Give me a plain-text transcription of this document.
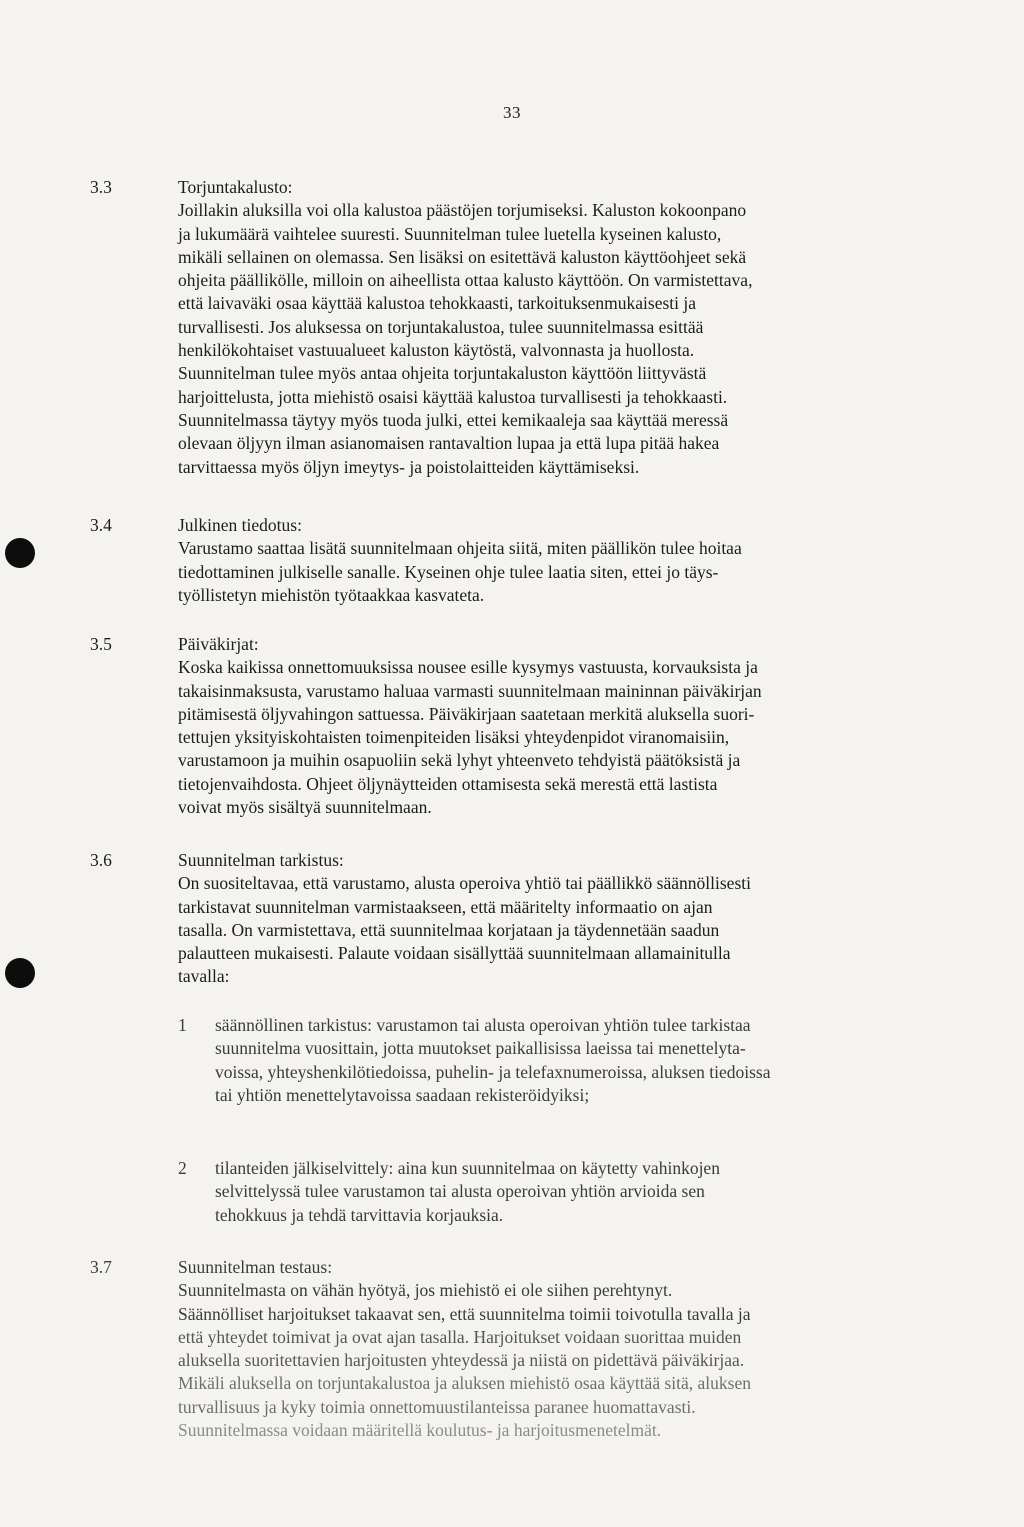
33
3.3	Torjuntakalusto:
Joillakin aluksilla voi olla kalustoa päästöjen torjumiseksi. Kaluston kokoonpano
ja lukumäärä vaihtelee suuresti. Suunnitelman tulee luetella kyseinen kalusto,
mikäli sellainen on olemassa. Sen lisäksi on esitettävä kaluston käyttöohjeet sekä
ohjeita päällikölle, milloin on aiheellista ottaa kalusto käyttöön. On varmistettava,
että laivaväki osaa käyttää kalustoa tehokkaasti, tarkoituksenmukaisesti ja
turvallisesti. Jos aluksessa on torjuntakalustoa, tulee suunnitelmassa esittää
henkilökohtaiset vastuualueet kaluston käytöstä, valvonnasta ja huollosta.
Suunnitelman tulee myös antaa ohjeita torjuntakaluston käyttöön liittyvästä
harjoittelusta, jotta miehistö osaisi käyttää kalustoa turvallisesti ja tehokkaasti.
Suunnitelmassa täytyy myös tuoda julki, ettei kemikaaleja saa käyttää meressä
olevaan öljyyn ilman asianomaisen rantavaltion lupaa ja että lupa pitää hakea
tarvittaessa myös öljyn imeytys- ja poistolaitteiden käyttämiseksi.
3.4	Julkinen tiedotus:
Varustamo saattaa lisätä suunnitelmaan ohjeita siitä, miten päällikön tulee hoitaa
tiedottaminen julkiselle sanalle. Kyseinen ohje tulee laatia siten, ettei jo täys-
työllistetyn miehistön työtaakkaa kasvateta.
3.5	Päiväkirjat:
Koska kaikissa onnettomuuksissa nousee esille kysymys vastuusta, korvauksista ja
takaisinmaksusta, varustamo haluaa varmasti suunnitelmaan maininnan päiväkirjan
pitämisestä öljyvahingon sattuessa. Päiväkirjaan saatetaan merkitä aluksella suori-
tettujen yksityiskohtaisten toimenpiteiden lisäksi yhteydenpidot viranomaisiin,
varustamoon ja muihin osapuoliin sekä lyhyt yhteenveto tehdyistä päätöksistä ja
tietojenvaihdosta. Ohjeet öljynäytteiden ottamisesta sekä merestä että lastista
voivat myös sisältyä suunnitelmaan.
3.6	Suunnitelman tarkistus:
On suositeltavaa, että varustamo, alusta operoiva yhtiö tai päällikkö säännöllisesti
tarkistavat suunnitelman varmistaakseen, että määritelty informaatio on ajan
tasalla. On varmistettava, että suunnitelmaa korjataan ja täydennetään saadun
palautteen mukaisesti. Palaute voidaan sisällyttää suunnitelmaan allamainitulla
tavalla:
1 säännöllinen tarkistus: varustamon tai alusta operoivan yhtiön tulee tarkistaa
suunnitelma vuosittain, jotta muutokset paikallisissa laeissa tai menettelyta-
voissa, yhteyshenkilötiedoissa, puhelin- ja telefaxnumeroissa, aluksen tiedoissa
tai yhtiön menettelytavoissa saadaan rekisteröidyiksi;
2 tilanteiden jälkiselvittely: aina kun suunnitelmaa on käytetty vahinkojen
selvittelyssä tulee varustamon tai alusta operoivan yhtiön arvioida sen
tehokkuus ja tehdä tarvittavia korjauksia.
3.7	Suunnitelman testaus:
Suunnitelmasta on vähän hyötyä, jos miehistö ei ole siihen perehtynyt.
Säännölliset harjoitukset takaavat sen, että suunnitelma toimii toivotulla tavalla ja
että yhteydet toimivat ja ovat ajan tasalla. Harjoitukset voidaan suorittaa muiden
aluksella suoritettavien harjoitusten yhteydessä ja niistä on pidettävä päiväkirjaa.
Mikäli aluksella on torjuntakalustoa ja aluksen miehistö osaa käyttää sitä, aluksen
turvallisuus ja kyky toimia onnettomuustilanteissa paranee huomattavasti.
Suunnitelmassa voidaan määritellä koulutus- ja harjoitusmenetelmät.
